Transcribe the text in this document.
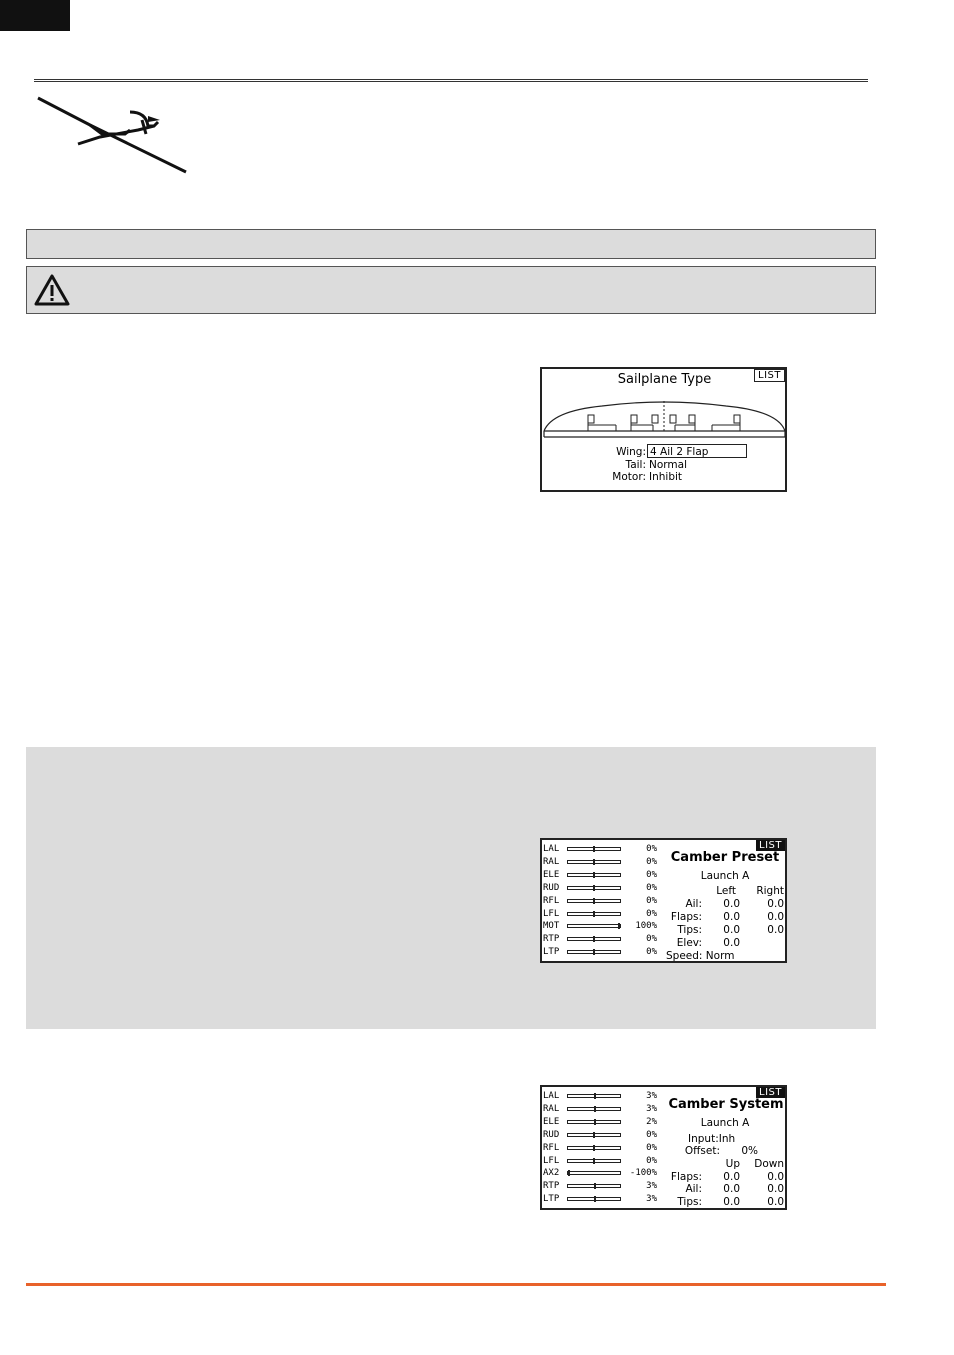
LIST
Sailplane Type
Wing: 4 Ail 2 Flap
Tail: Normal
Motor: Inhibit
LIST
LAL	0%
RAL	0%
ELE	0%
RUD	0%
RFL	0%
LFL	0%
MOT	100%
RTP	0%
LTP	0%
Camber Preset
Launch A
Left	Right
Ail:	0.0	0.0
Flaps:	0.0	0.0
Tips:	0.0	0.0
Elev:	0.0
Speed: Norm
LIST
LAL	3%
RAL	3%
ELE	2%
RUD	0%
RFL	0%
LFL	0%
AX2	-100%
RTP	3%
LTP	3%
Camber System
Launch A
Input:Inh
Offset:	0%
Up	Down
Flaps:	0.0	0.0
Ail:	0.0	0.0
Tips:	0.0	0.0
